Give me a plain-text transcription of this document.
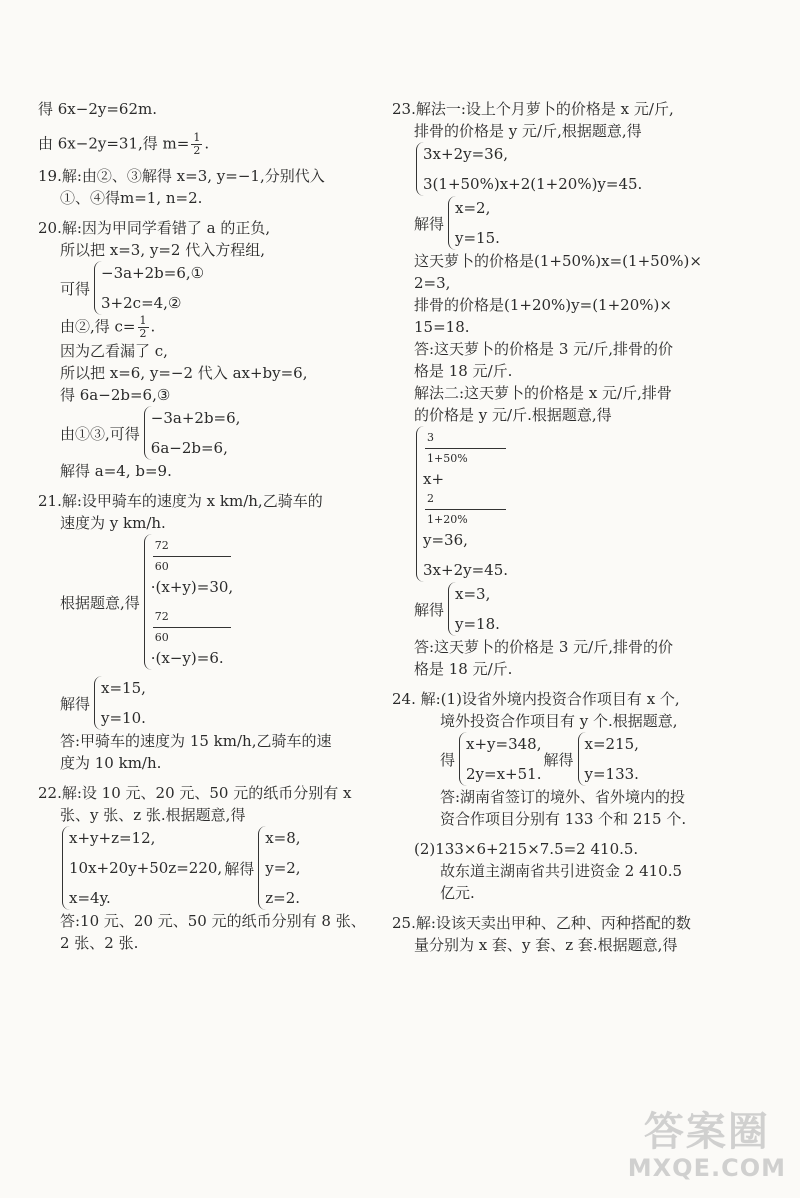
得 6x−2y=62m.
由 6x−2y=31,得 $m= \frac{1}{2}$ .
19.解:由②、③解得 x=3, y=−1,分别代入
①、④得m=1, n=2.
20.解:因为甲同学看错了 a 的正负,
所以把 x=3, y=2 代入方程组,
可得
−3a+2b=6,①
3+2c=4,②
由②,得 $c= \frac{1}{2}$ .
因为乙看漏了 c,
所以把 x=6, y=−2 代入 ax+by=6,
得 6a−2b=6,③
由①③,可得
−3a+2b=6,
6a−2b=6,
解得 a=4, b=9.
21.解:设甲骑车的速度为 x km/h,乙骑车的
速度为 y km/h.
根据题意,得
72
60
·(x+y)=30,
72
60
·(x−y)=6.
解得
x=15,
y=10.
答:甲骑车的速度为 15 km/h,乙骑车的速
度为 10 km/h.
22.解:设 10 元、20 元、50 元的纸币分别有 x
张、y 张、z 张.根据题意,得
x+y+z=12,
10x+20y+50z=220,
x=4y.
解得
x=8,
y=2,
z=2.
答:10 元、20 元、50 元的纸币分别有 8 张、
2 张、2 张.
23.解法一:设上个月萝卜的价格是 x 元/斤,
排骨的价格是 y 元/斤,根据题意,得
3x+2y=36,
3(1+50%)x+2(1+20%)y=45.
解得
x=2,
y=15.
这天萝卜的价格是(1+50%)x=(1+50%)×
2=3,
排骨的价格是(1+20%)y=(1+20%)×
15=18.
答:这天萝卜的价格是 3 元/斤,排骨的价
格是 18 元/斤.
解法二:这天萝卜的价格是 x 元/斤,排骨
的价格是 y 元/斤.根据题意,得
3
1+50%
x+
2
1+20%
y=36,
3x+2y=45.
解得
x=3,
y=18.
答:这天萝卜的价格是 3 元/斤,排骨的价
格是 18 元/斤.
24. 解:(1)设省外境内投资合作项目有 x 个,
境外投资合作项目有 y 个.根据题意,
得
x+y=348,
2y=x+51.
解得
x=215,
y=133.
答:湖南省签订的境外、省外境内的投
资合作项目分别有 133 个和 215 个.
(2)133×6+215×7.5=2 410.5.
故东道主湖南省共引进资金 2 410.5
亿元.
25.解:设该天卖出甲种、乙种、丙种搭配的数
量分别为 x 套、y 套、z 套.根据题意,得
答案圈
MXQE.COM
